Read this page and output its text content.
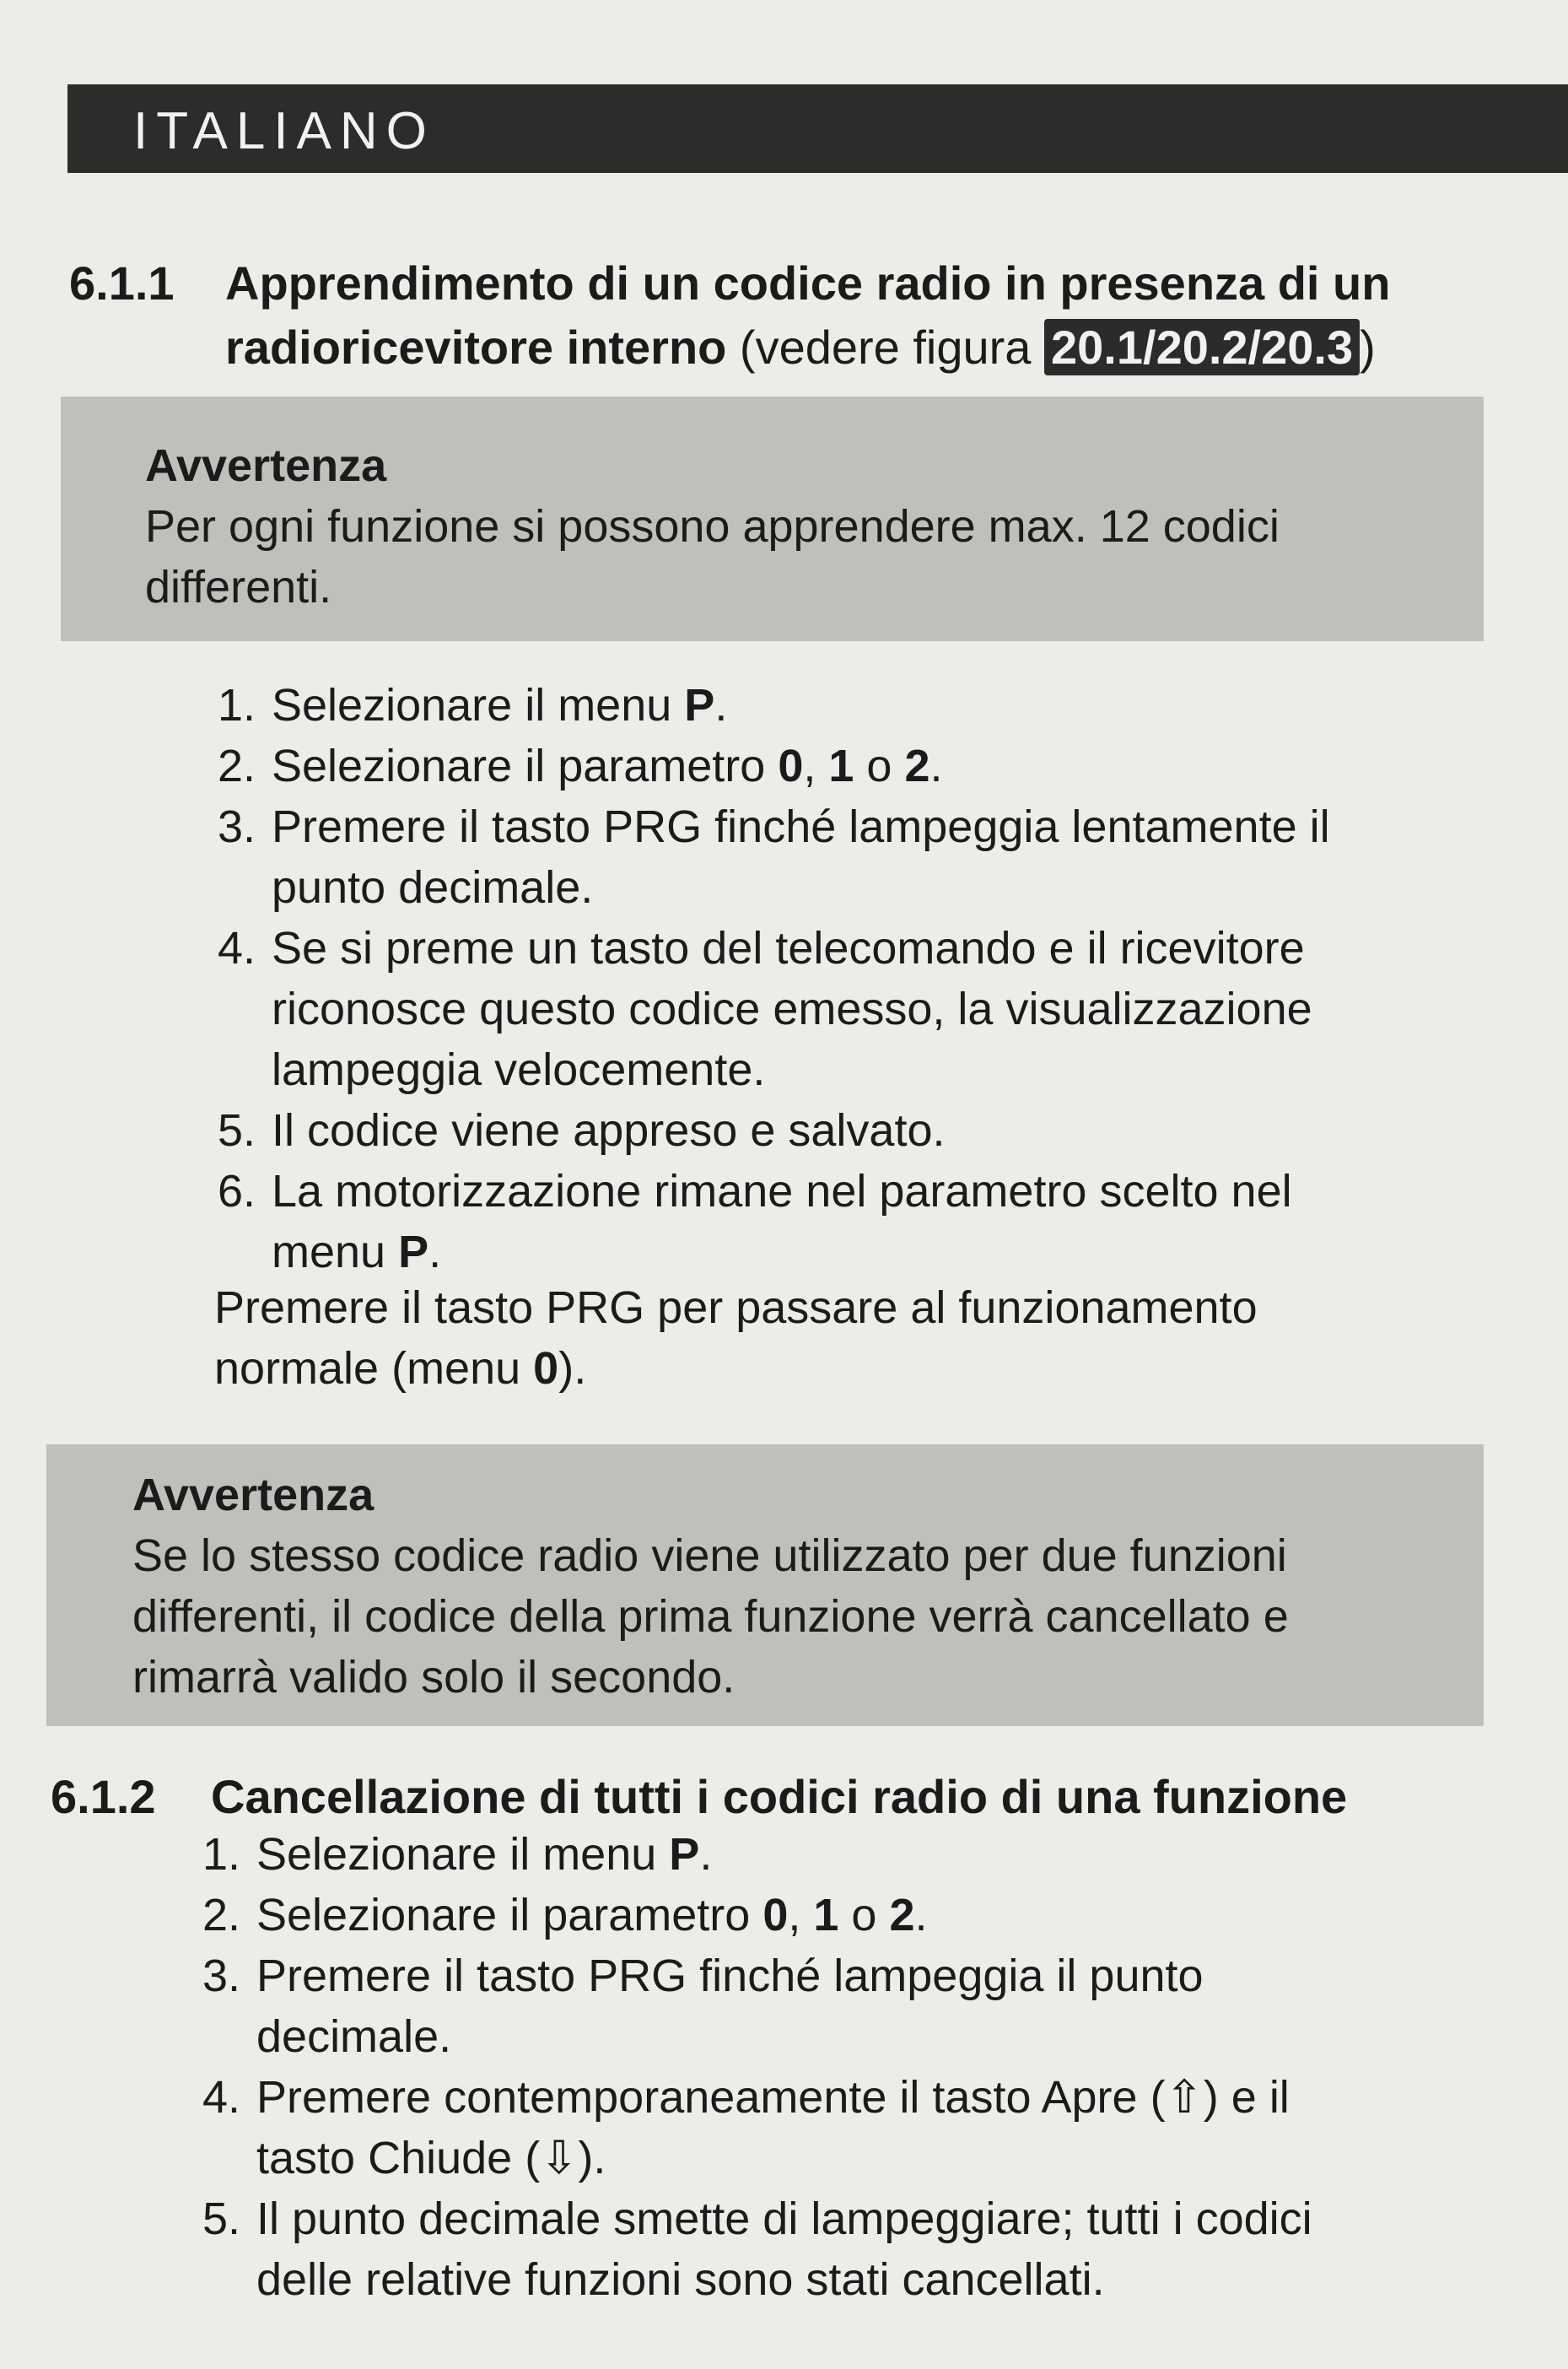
ITALIANO
6.1.1 Apprendimento di un codice radio in presenza di un
radioricevitore interno (vedere figura 20.1/20.2/20.3 )
Avvertenza
Per ogni funzione si possono apprendere max. 12 codici
differenti.
1. Selezionare il menu P.
2. Selezionare il parametro 0, 1 o 2.
3. Premere il tasto PRG finché lampeggia lentamente il
punto decimale.
4. Se si preme un tasto del telecomando e il ricevitore
riconosce questo codice emesso, la visualizzazione
lampeggia velocemente.
5. Il codice viene appreso e salvato.
6. La motorizzazione rimane nel parametro scelto nel
menu P.
Premere il tasto PRG per passare al funzionamento
normale (menu 0).
Avvertenza
Se lo stesso codice radio viene utilizzato per due funzioni
differenti, il codice della prima funzione verrà cancellato e
rimarrà valido solo il secondo.
6.1.2 Cancellazione di tutti i codici radio di una funzione
1. Selezionare il menu P.
2. Selezionare il parametro 0, 1 o 2.
3. Premere il tasto PRG finché lampeggia il punto
decimale.
4. Premere contemporaneamente il tasto Apre (⇧) e il
tasto Chiude (⇩).
5. Il punto decimale smette di lampeggiare; tutti i codici
delle relative funzioni sono stati cancellati.
